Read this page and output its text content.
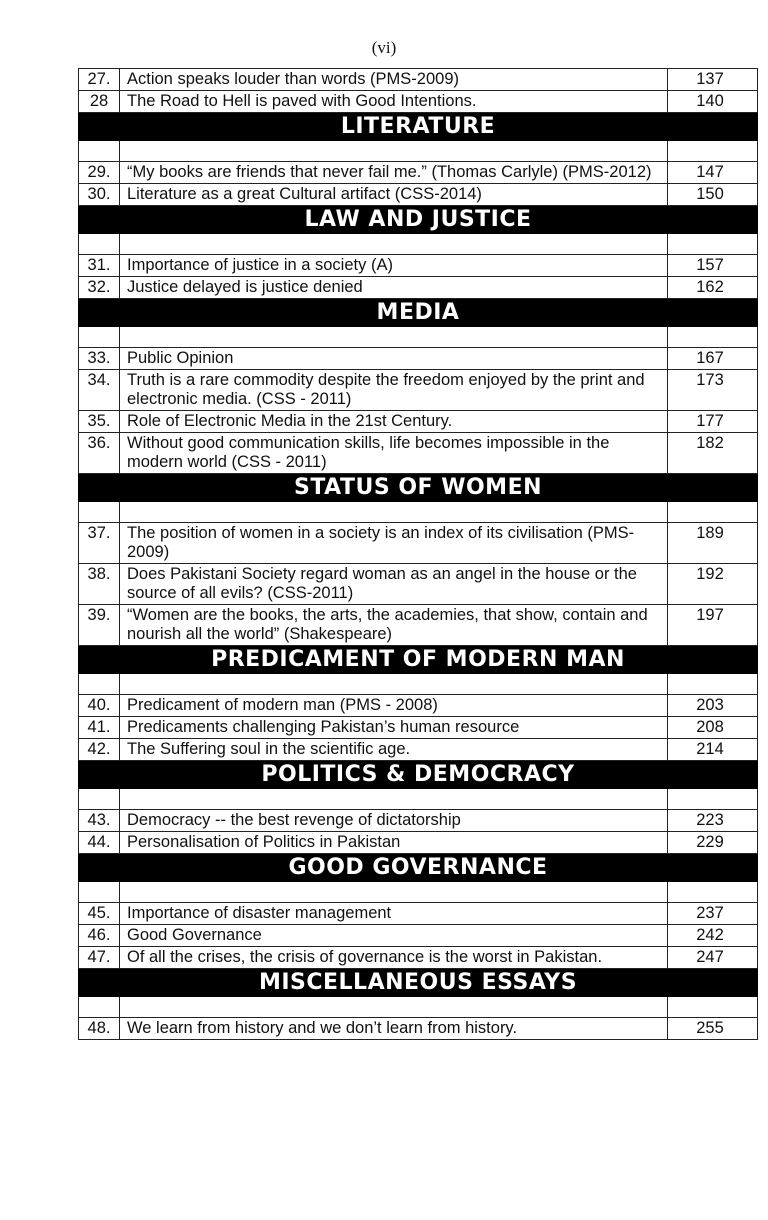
(vi)
27.	Action speaks louder than words (PMS-2009)	137
28	The Road to Hell is paved with Good Intentions.	140
LITERATURE		

29.	“My books are friends that never fail me.” (Thomas Carlyle) (PMS-2012)	147
30.	Literature as a great Cultural artifact (CSS-2014)	150
LAW AND JUSTICE		

31.	Importance of justice in a society (A)	157
32.	Justice delayed is justice denied	162
MEDIA		

33.	Public Opinion	167
34.	Truth is a rare commodity despite the freedom enjoyed by the print and electronic media. (CSS - 2011)	173
35.	Role of Electronic Media in the 21st Century.	177
36.	Without good communication skills, life becomes impossible in the modern world (CSS - 2011)	182
STATUS OF WOMEN		

37.	The position of women in a society is an index of its civilisation (PMS-2009)	189
38.	Does Pakistani Society regard woman as an angel in the house or the source of all evils? (CSS-2011)	192
39.	“Women are the books, the arts, the academies, that show, contain and nourish all the world” (Shakespeare)	197
PREDICAMENT OF MODERN MAN		

40.	Predicament of modern man (PMS - 2008)	203
41.	Predicaments challenging Pakistan’s human resource	208
42.	The Suffering soul in the scientific age.	214
POLITICS & DEMOCRACY		

43.	Democracy -- the best revenge of dictatorship	223
44.	Personalisation of Politics in Pakistan	229
GOOD GOVERNANCE		

45.	Importance of disaster management	237
46.	Good Governance	242
47.	Of all the crises, the crisis of governance is the worst in Pakistan.	247
MISCELLANEOUS ESSAYS		

48.	We learn from history and we don’t learn from history.	255
